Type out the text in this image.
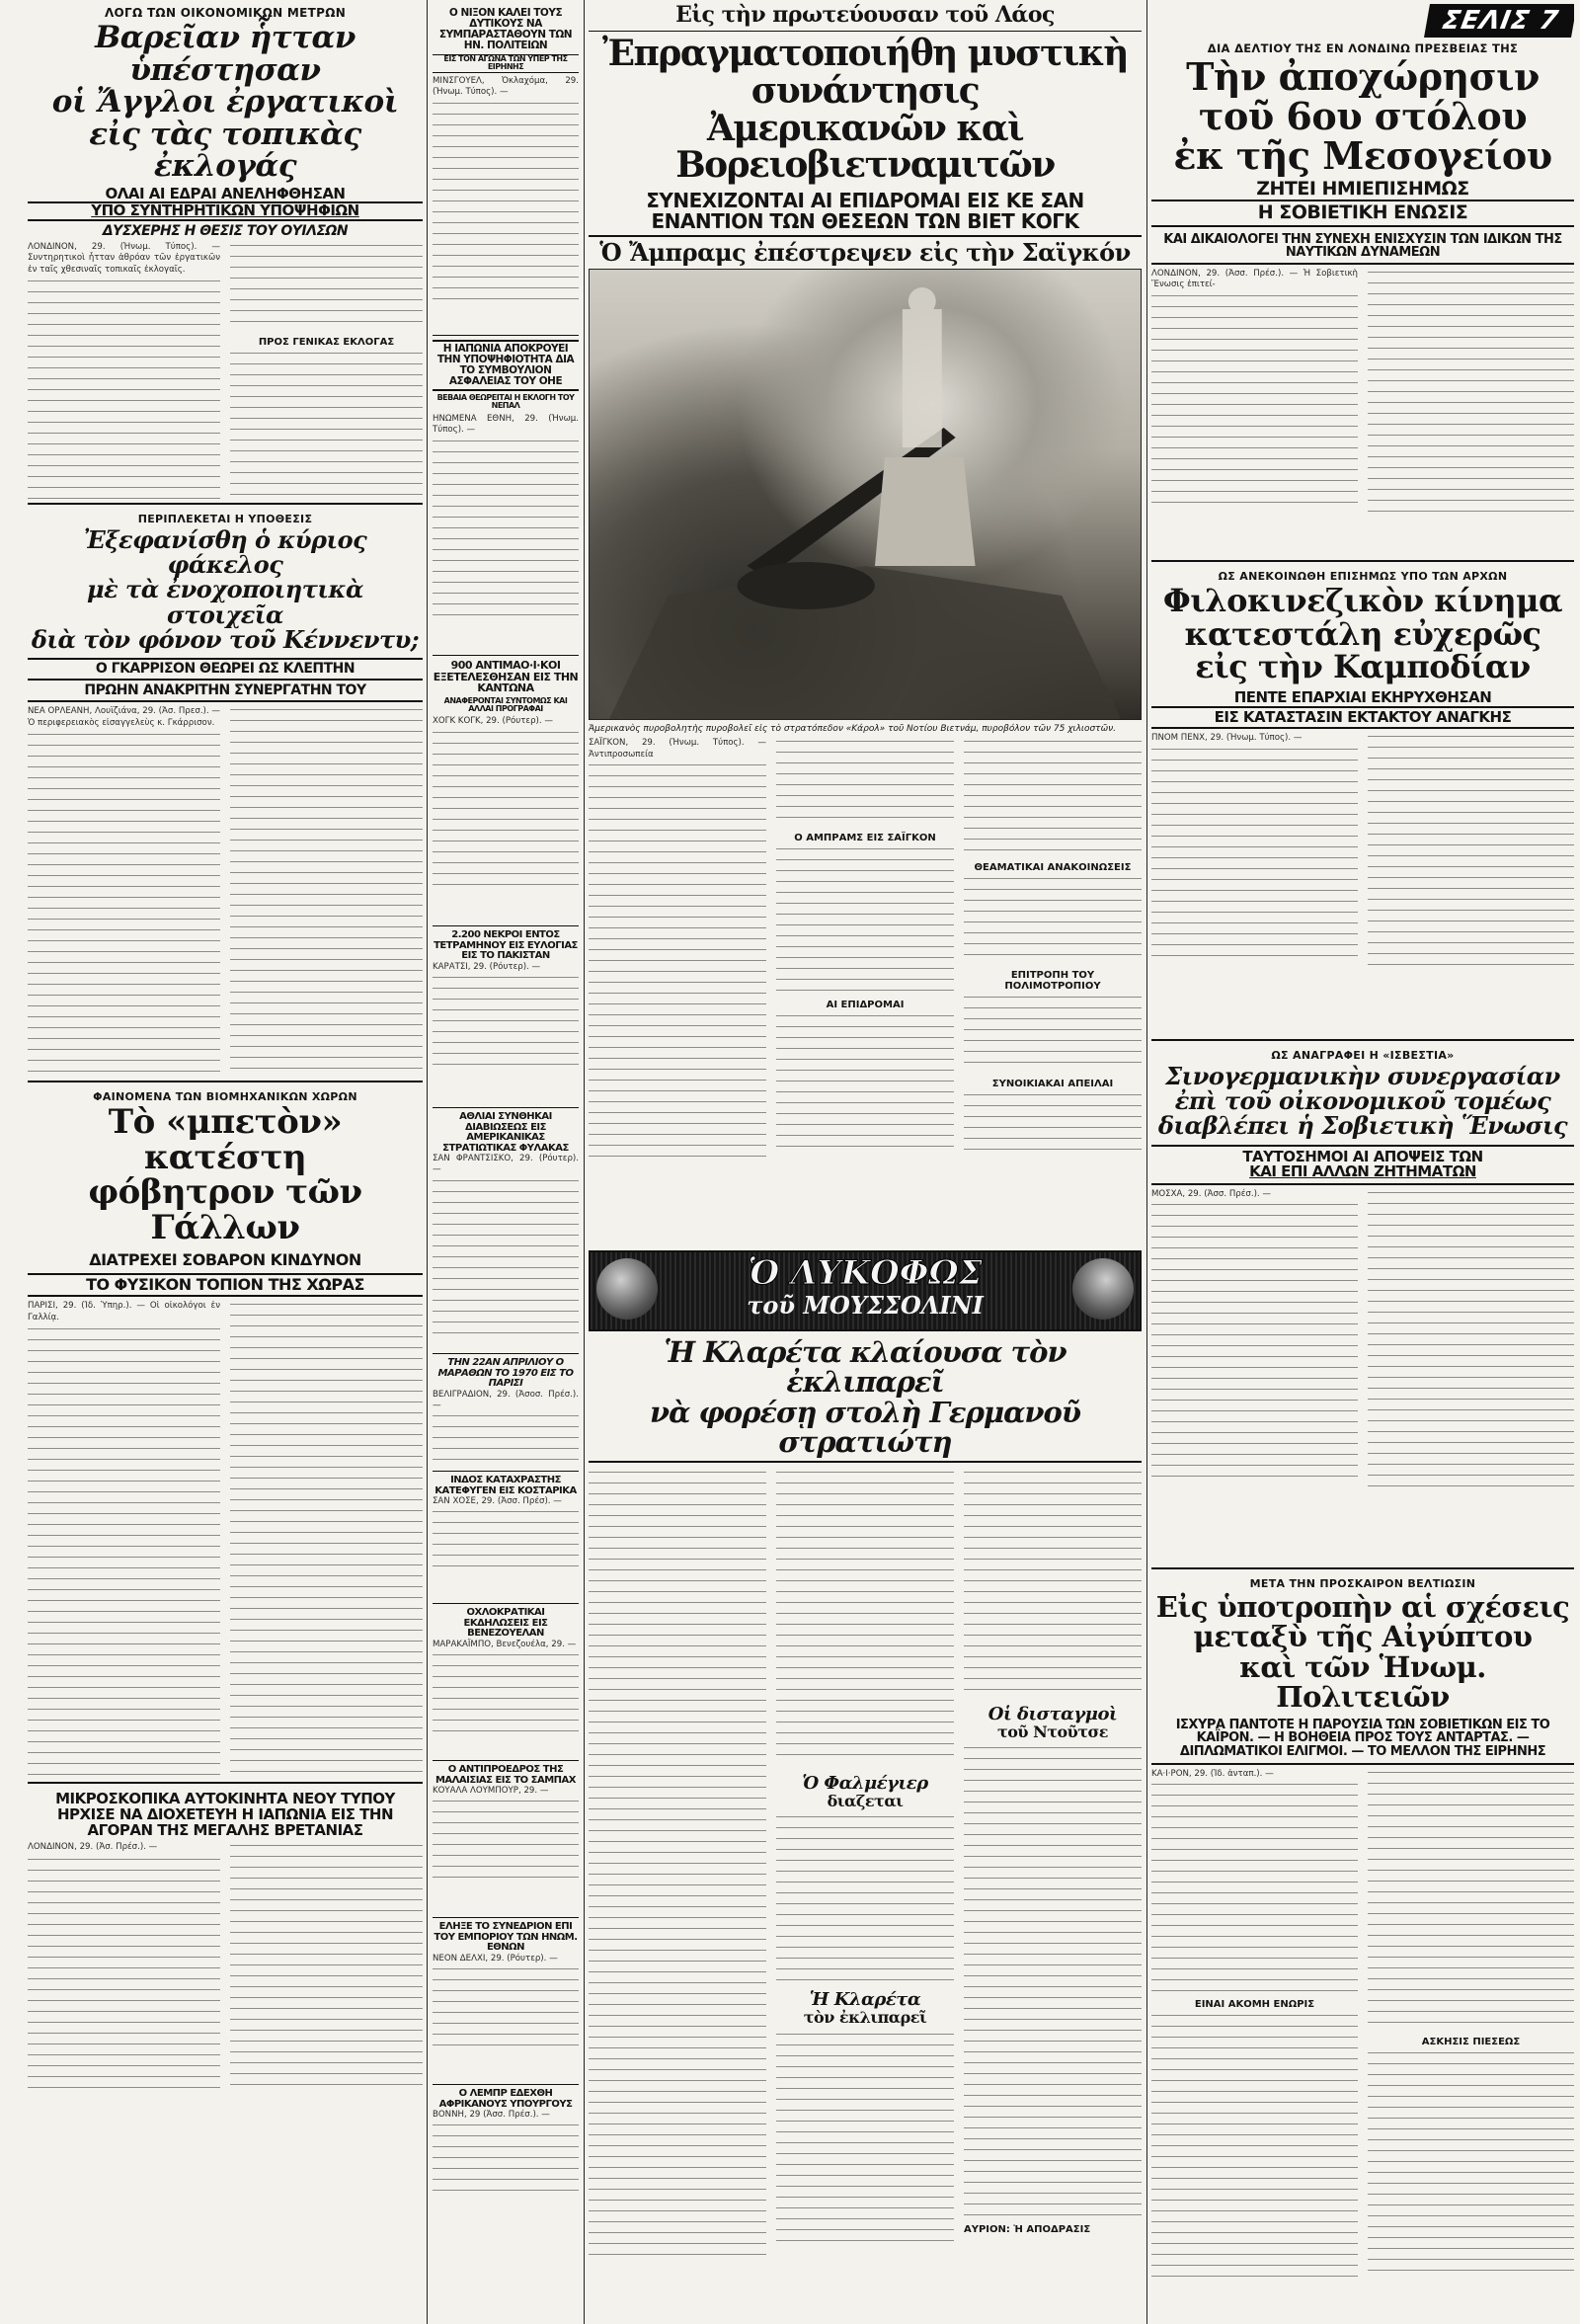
ΛΟΓΩ ΤΩΝ ΟΙΚΟΝΟΜΙΚΩΝ ΜΕΤΡΩΝ
Βαρεῖαν ἧτταν ὑπέστησαν
οἱ Ἄγγλοι ἐργατικοὶ
εἰς τὰς τοπικὰς ἐκλογάς
ΟΛΑΙ ΑΙ ΕΔΡΑΙ ΑΝΕΛΗΦΘΗΣΑΝ
ΥΠΟ ΣΥΝΤΗΡΗΤΙΚΩΝ ΥΠΟΨΗΦΙΩΝ
ΔΥΣΧΕΡΗΣ Η ΘΕΣΙΣ ΤΟΥ ΟΥΙΛΣΩΝ

ΛΟΝΔΙΝΟΝ, 29. (Ἡνωμ. Τύπος). — Συντηρητικοὶ ἧτταν ἀθρόαν τῶν ἐργατικῶν ἐν ταῖς χθεσιναῖς τοπικαῖς ἐκλογαῖς.

ΠΡΟΣ ΓΕΝΙΚΑΣ ΕΚΛΟΓΑΣ
ΠΕΡΙΠΛΕΚΕΤΑΙ Η ΥΠΟΘΕΣΙΣ
Ἐξεφανίσθη ὁ κύριος φάκελος
μὲ τὰ ἐνοχοποιητικὰ στοιχεῖα
διὰ τὸν φόνον τοῦ Κέννεντυ;
Ο ΓΚΑΡΡΙΣΟΝ ΘΕΩΡΕΙ ΩΣ ΚΛΕΠΤΗΝ
ΠΡΩΗΝ ΑΝΑΚΡΙΤΗΝ ΣΥΝΕΡΓΑΤΗΝ ΤΟΥ

ΝΕΑ ΟΡΛΕΑΝΗ, Λουϊζιάνα, 29. (Ἀσ. Πρεσ.). — Ὁ περιφερειακὸς εἰσαγγελεὺς κ. Γκάρρισον.

ΦΑΙΝΟΜΕΝΑ ΤΩΝ ΒΙΟΜΗΧΑΝΙΚΩΝ ΧΩΡΩΝ
Τὸ «μπετὸν» κατέστη
φόβητρον τῶν Γάλλων
ΔΙΑΤΡΕΧΕΙ ΣΟΒΑΡΟΝ ΚΙΝΔΥΝΟΝ
ΤΟ ΦΥΣΙΚΟΝ ΤΟΠΙΟΝ ΤΗΣ ΧΩΡΑΣ

ΠΑΡΙΣΙ, 29. (Ἰδ. Ὑπηρ.). — Οἱ οἰκολόγοι ἐν Γαλλίᾳ.

ΜΙΚΡΟΣΚΟΠΙΚΑ ΑΥΤΟΚΙΝΗΤΑ ΝΕΟΥ ΤΥΠΟΥ ΗΡΧΙΣΕ ΝΑ ΔΙΟΧΕΤΕΥΗ Η ΙΑΠΩΝΙΑ ΕΙΣ ΤΗΝ ΑΓΟΡΑΝ ΤΗΣ ΜΕΓΑΛΗΣ ΒΡΕΤΑΝΙΑΣ

ΛΟΝΔΙΝΟΝ, 29. (Ἀσ. Πρέσ.). —

Ο ΝΙΞΟΝ ΚΑΛΕΙ ΤΟΥΣ ΔΥΤΙΚΟΥΣ ΝΑ ΣΥΜΠΑΡΑΣΤΑΘΟΥΝ ΤΩΝ ΗΝ. ΠΟΛΙΤΕΙΩΝ
ΕΙΣ ΤΟΝ ΑΓΩΝΑ ΤΩΝ ΥΠΕΡ ΤΗΣ ΕΙΡΗΝΗΣ

ΜΙΝΣΓΟΥΕΛ, Ὀκλαχόμα, 29. (Ἡνωμ. Τύπος). —

Η ΙΑΠΩΝΙΑ ΑΠΟΚΡΟΥΕΙ ΤΗΝ ΥΠΟΨΗΦΙΟΤΗΤΑ ΔΙΑ ΤΟ ΣΥΜΒΟΥΛΙΟΝ ΑΣΦΑΛΕΙΑΣ ΤΟΥ ΟΗΕ
ΒΕΒΑΙΑ ΘΕΩΡΕΙΤΑΙ Η ΕΚΛΟΓΗ ΤΟΥ ΝΕΠΑΛ

ΗΝΩΜΕΝΑ ΕΘΝΗ, 29. (Ἡνωμ. Τύπος). —

900 ΑΝΤΙΜΑΟ·Ι·ΚΟΙ ΕΞΕΤΕΛΕΣΘΗΣΑΝ ΕΙΣ ΤΗΝ ΚΑΝΤΩΝΑ
ΑΝΑΦΕΡΟΝΤΑΙ ΣΥΝΤΟΜΩΣ ΚΑΙ ΑΛΛΑΙ ΠΡΟΓΡΑΦΑΙ

ΧΟΓΚ ΚΟΓΚ, 29. (Ρόυτερ). —

2.200 ΝΕΚΡΟΙ ΕΝΤΟΣ ΤΕΤΡΑΜΗΝΟΥ ΕΙΣ ΕΥΛΟΓΙΑΣ ΕΙΣ ΤΟ ΠΑΚΙΣΤΑΝ

ΚΑΡΑΤΣΙ, 29. (Ρόυτερ). —

ΑΘΛΙΑΙ ΣΥΝΘΗΚΑΙ ΔΙΑΒΙΩΣΕΩΣ ΕΙΣ ΑΜΕΡΙΚΑΝΙΚΑΣ ΣΤΡΑΤΙΩΤΙΚΑΣ ΦΥΛΑΚΑΣ

ΣΑΝ ΦΡΑΝΤΣΙΣΚΟ, 29. (Ρόυτερ). —

ΤΗΝ 22ΑΝ ΑΠΡΙΛΙΟΥ Ο ΜΑΡΑΘΩΝ ΤΟ 1970 ΕΙΣ ΤΟ ΠΑΡΙΣΙ

ΒΕΛΙΓΡΑΔΙΟΝ, 29. (Ἀσοσ. Πρέσ.). —

ΙΝΔΟΣ ΚΑΤΑΧΡΑΣΤΗΣ ΚΑΤΕΦΥΓΕΝ ΕΙΣ ΚΟΣΤΑΡΙΚΑ

ΣΑΝ ΧΟΣΕ, 29. (Ἀσσ. Πρέσ). —

ΟΧΛΟΚΡΑΤΙΚΑΙ ΕΚΔΗΛΩΣΕΙΣ ΕΙΣ ΒΕΝΕΖΟΥΕΛΑΝ

ΜΑΡΑΚΑΪΜΠΟ, Βενεζουέλα, 29. —

Ο ΑΝΤΙΠΡΟΕΔΡΟΣ ΤΗΣ ΜΑΛΑΙΣΙΑΣ ΕΙΣ ΤΟ ΣΑΜΠΑΧ

ΚΟΥΑΛΑ ΛΟΥΜΠΟΥΡ, 29. —

ΕΛΗΞΕ ΤΟ ΣΥΝΕΔΡΙΟΝ ΕΠΙ ΤΟΥ ΕΜΠΟΡΙΟΥ ΤΩΝ ΗΝΩΜ. ΕΘΝΩΝ

ΝΕΟΝ ΔΕΛΧΙ, 29. (Ρόυτερ). —

Ο ΛΕΜΠΡ ΕΔΕΧΘΗ ΑΦΡΙΚΑΝΟΥΣ ΥΠΟΥΡΓΟΥΣ

ΒΟΝΝΗ, 29 (Ἀσσ. Πρέσ.). —

Εἰς τὴν πρωτεύουσαν τοῦ Λάος
Ἐπραγματοποιήθη μυστικὴ συνάντησις
Ἀμερικανῶν καὶ Βορειοβιετναμιτῶν
ΣΥΝΕΧΙΖΟΝΤΑΙ ΑΙ ΕΠΙΔΡΟΜΑΙ ΕΙΣ ΚΕ ΣΑΝ
ΕΝΑΝΤΙΟΝ ΤΩΝ ΘΕΣΕΩΝ ΤΩΝ ΒΙΕΤ ΚΟΓΚ
Ὁ Ἄμπραμς ἐπέστρεψεν εἰς τὴν Σαϊγκόν

Ἀμερικανὸς πυροβολητὴς πυροβολεῖ εἰς τὸ στρατόπεδον «Κάρολ» τοῦ Νοτίου Βιετνάμ, πυροβόλον τῶν 75 χιλιοστῶν.

ΣΑΪΓΚΟΝ, 29. (Ἡνωμ. Τύπος). — Ἀντιπροσωπεία

Ο ΑΜΠΡΑΜΣ ΕΙΣ ΣΑΪΓΚΟΝ
ΑΙ ΕΠΙΔΡΟΜΑΙ
ΘΕΑΜΑΤΙΚΑΙ ΑΝΑΚΟΙΝΩΣΕΙΣ
ΕΠΙΤΡΟΠΗ ΤΟΥ ΠΟΛΙΜΟΤΡΟΠΙΟΥ
ΣΥΝΟΙΚΙΑΚΑΙ ΑΠΕΙΛΑΙ
Ὁ ΛΥΚΟΦΩΣ
τοῦ ΜΟΥΣΣΟΛΙΝΙ
Ἡ Κλαρέτα κλαίουσα τὸν ἐκλιπαρεῖ
νὰ φορέσῃ στολὴ Γερμανοῦ στρατιώτη
Ὁ Φαλμέγιερ
διαζεται
Ἡ Κλαρέτα
τὸν ἐκλιπαρεῖ
Οἱ δισταγμοὶ
τοῦ Ντοῦτσε
ΑΥΡΙΟΝ: Ἡ ΑΠΟΔΡΑΣΙΣ
ΣΕΛΙΣ 7
ΔΙΑ ΔΕΛΤΙΟΥ ΤΗΣ ΕΝ ΛΟΝΔΙΝΩ ΠΡΕΣΒΕΙΑΣ ΤΗΣ
Τὴν ἀποχώρησιν
τοῦ 6ου στόλου
ἐκ τῆς Μεσογείου
ΖΗΤΕΙ ΗΜΙΕΠΙΣΗΜΩΣ
Η ΣΟΒΙΕΤΙΚΗ ΕΝΩΣΙΣ
ΚΑΙ ΔΙΚΑΙΟΛΟΓΕΙ ΤΗΝ ΣΥΝΕΧΗ ΕΝΙΣΧΥΣΙΝ ΤΩΝ ΙΔΙΚΩΝ ΤΗΣ ΝΑΥΤΙΚΩΝ ΔΥΝΑΜΕΩΝ

ΛΟΝΔΙΝΟΝ, 29. (Ἀσσ. Πρέσ.). — Ἡ Σοβιετικὴ Ἕνωσις ἐπιτεί-

ΩΣ ΑΝΕΚΟΙΝΩΘΗ ΕΠΙΣΗΜΩΣ ΥΠΟ ΤΩΝ ΑΡΧΩΝ
Φιλοκινεζικὸν κίνημα
κατεστάλη εὐχερῶς
εἰς τὴν Καμποδίαν
ΠΕΝΤΕ ΕΠΑΡΧΙΑΙ ΕΚΗΡΥΧΘΗΣΑΝ
ΕΙΣ ΚΑΤΑΣΤΑΣΙΝ ΕΚΤΑΚΤΟΥ ΑΝΑΓΚΗΣ

ΠΝΟΜ ΠΕΝΧ, 29. (Ἡνωμ. Τύπος). —

ΩΣ ΑΝΑΓΡΑΦΕΙ Η «ΙΣΒΕΣΤΙΑ»
Σινογερμανικὴν συνεργασίαν
ἐπὶ τοῦ οἰκονομικοῦ τομέως
διαβλέπει ἡ Σοβιετικὴ Ἕνωσις
ΤΑΥΤΟΣΗΜΟΙ ΑΙ ΑΠΟΨΕΙΣ ΤΩΝ
ΚΑΙ ΕΠΙ ΑΛΛΩΝ ΖΗΤΗΜΑΤΩΝ

ΜΟΣΧΑ, 29. (Ἀσσ. Πρέσ.). —

ΜΕΤΑ ΤΗΝ ΠΡΟΣΚΑΙΡΟΝ ΒΕΛΤΙΩΣΙΝ
Εἰς ὑποτροπὴν αἱ σχέσεις
μεταξὺ τῆς Αἰγύπτου
καὶ τῶν Ἡνωμ. Πολιτειῶν
ΙΣΧΥΡΑ ΠΑΝΤΟΤΕ Η ΠΑΡΟΥΣΙΑ ΤΩΝ ΣΟΒΙΕΤΙΚΩΝ ΕΙΣ ΤΟ ΚΑΪΡΟΝ. — Η ΒΟΗΘΕΙΑ ΠΡΟΣ ΤΟΥΣ ΑΝΤΑΡΤΑΣ. — ΔΙΠΛΩΜΑΤΙΚΟΙ ΕΛΙΓΜΟΙ. — ΤΟ ΜΕΛΛΟΝ ΤΗΣ ΕΙΡΗΝΗΣ

ΚΑ·Ι·ΡΟΝ, 29. (Ἰδ. ἀνταπ.). —

ΕΙΝΑΙ ΑΚΟΜΗ ΕΝΩΡΙΣ
ΑΣΚΗΣΙΣ ΠΙΕΣΕΩΣ
